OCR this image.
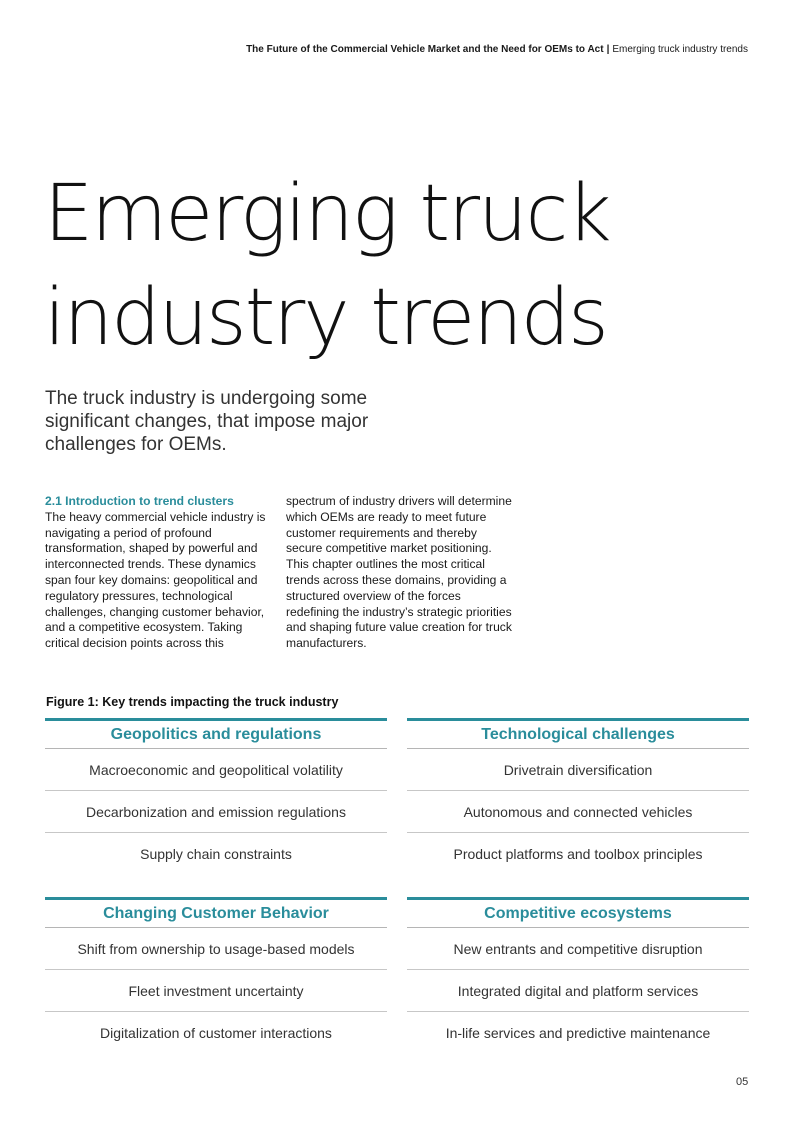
The Future of the Commercial Vehicle Market and the Need for OEMs to Act | Emerging truck industry trends
Emerging truck
industry trends

The truck industry is undergoing some
significant changes, that impose major
challenges for OEMs.

2.1 Introduction to trend clusters
The heavy commercial vehicle industry is
navigating a period of profound
transformation, shaped by powerful and
interconnected trends. These dynamics
span four key domains: geopolitical and
regulatory pressures, technological
challenges, changing customer behavior,
and a competitive ecosystem. Taking
critical decision points across this
spectrum of industry drivers will determine
which OEMs are ready to meet future
customer requirements and thereby
secure competitive market positioning.
This chapter outlines the most critical
trends across these domains, providing a
structured overview of the forces
redefining the industry’s strategic priorities
and shaping future value creation for truck
manufacturers.
Figure 1: Key trends impacting the truck industry
Geopolitics and regulations
Macroeconomic and geopolitical volatility
Decarbonization and emission regulations
Supply chain constraints
Technological challenges
Drivetrain diversification
Autonomous and connected vehicles
Product platforms and toolbox principles
Changing Customer Behavior
Shift from ownership to usage-based models
Fleet investment uncertainty
Digitalization of customer interactions
Competitive ecosystems
New entrants and competitive disruption
Integrated digital and platform services
In-life services and predictive maintenance
05
